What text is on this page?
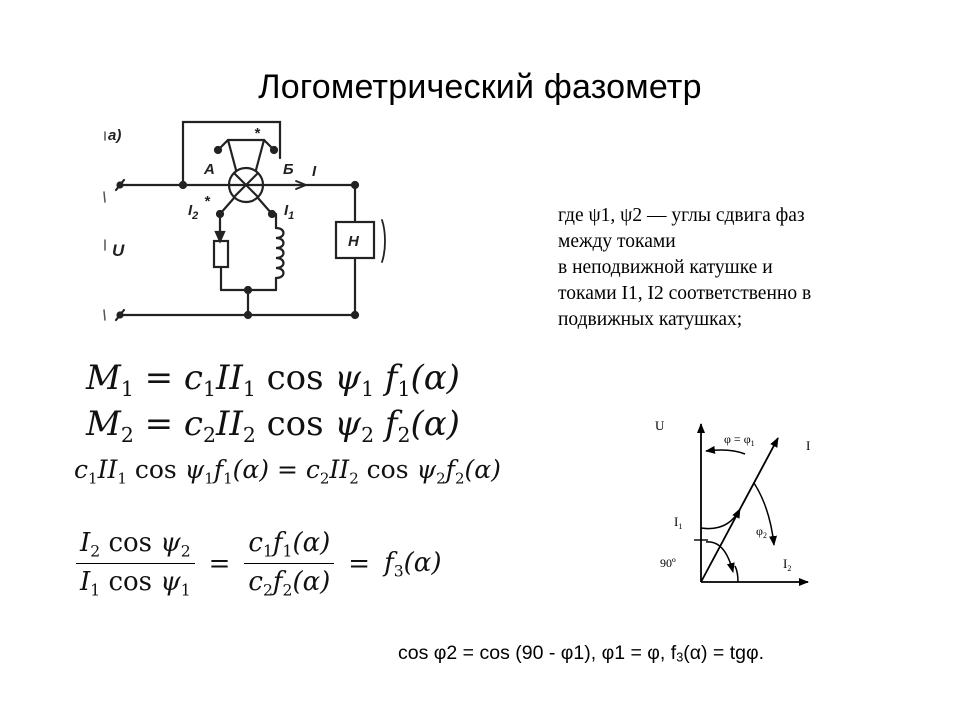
Логометрический фазометр
а)
А	Б I
*
*
$I_2$	$I_1$
U	Н
где ψ1, ψ2 — углы сдвига фаз
между токами
в неподвижной катушке и
токами I1, I2 соответственно в
подвижных катушках;
$M_1 = c_1II_1$ $\cos \psi_1$ $f_1(\alpha)$
$M_2 = c_2II_2$ $\cos \psi_2$ $f_2(\alpha)$
$c_1II_1$ $\cos \psi_1f_1(\alpha) = c_2II_2$ $\cos \psi_2f_2(\alpha)$
$\frac{I_2 \cos \psi_2}{I_1 \cos \psi_1} = \frac{c_1f_1(\alpha)}{c_2f_2(\alpha)} = f_3(\alpha)$
U
I
$\varphi = \varphi_1$
$I_1$	$\varphi_2$
90º	$I_2$
cos φ2 = cos (90 - φ1), φ1 = φ, $f_3(\alpha) = tg\varphi$.
